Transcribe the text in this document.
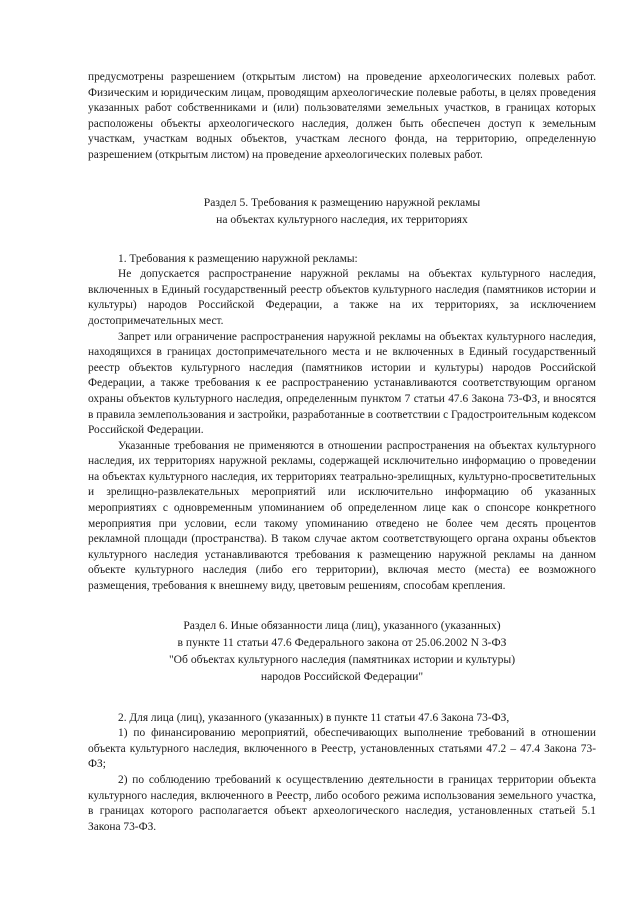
предусмотрены разрешением (открытым листом) на проведение археологических полевых работ. Физическим и юридическим лицам, проводящим археологические полевые работы, в целях проведения указанных работ собственниками и (или) пользователями земельных участков, в границах которых расположены объекты археологического наследия, должен быть обеспечен доступ к земельным участкам, участкам водных объектов, участкам лесного фонда, на территорию, определенную разрешением (открытым листом) на проведение археологических полевых работ.

Раздел 5. Требования к размещению наружной рекламы
на объектах культурного наследия, их территориях

1. Требования к размещению наружной рекламы:

Не допускается распространение наружной рекламы на объектах культурного наследия, включенных в Единый государственный реестр объектов культурного наследия (памятников истории и культуры) народов Российской Федерации, а также на их территориях, за исключением достопримечательных мест.

Запрет или ограничение распространения наружной рекламы на объектах культурного наследия, находящихся в границах достопримечательного места и не включенных в Единый государственный реестр объектов культурного наследия (памятников истории и культуры) народов Российской Федерации, а также требования к ее распространению устанавливаются соответствующим органом охраны объектов культурного наследия, определенным пунктом 7 статьи 47.6 Закона 73-ФЗ, и вносятся в правила землепользования и застройки, разработанные в соответствии с Градостроительным кодексом Российской Федерации.

Указанные требования не применяются в отношении распространения на объектах культурного наследия, их территориях наружной рекламы, содержащей исключительно информацию о проведении на объектах культурного наследия, их территориях театрально-зрелищных, культурно-просветительных и зрелищно-развлекательных мероприятий или исключительно информацию об указанных мероприятиях с одновременным упоминанием об определенном лице как о спонсоре конкретного мероприятия при условии, если такому упоминанию отведено не более чем десять процентов рекламной площади (пространства). В таком случае актом соответствующего органа охраны объектов культурного наследия устанавливаются требования к размещению наружной рекламы на данном объекте культурного наследия (либо его территории), включая место (места) ее возможного размещения, требования к внешнему виду, цветовым решениям, способам крепления.

Раздел 6. Иные обязанности лица (лиц), указанного (указанных)
в пункте 11 статьи 47.6 Федерального закона от 25.06.2002 N 3-ФЗ
"Об объектах культурного наследия (памятниках истории и культуры)
народов Российской Федерации"

2. Для лица (лиц), указанного (указанных) в пункте 11 статьи 47.6 Закона 73-ФЗ,

1) по финансированию мероприятий, обеспечивающих выполнение требований в отношении объекта культурного наследия, включенного в Реестр, установленных статьями 47.2 – 47.4 Закона 73-ФЗ;

2) по соблюдению требований к осуществлению деятельности в границах территории объекта культурного наследия, включенного в Реестр, либо особого режима использования земельного участка, в границах которого располагается объект археологического наследия, установленных статьей 5.1 Закона 73-ФЗ.
